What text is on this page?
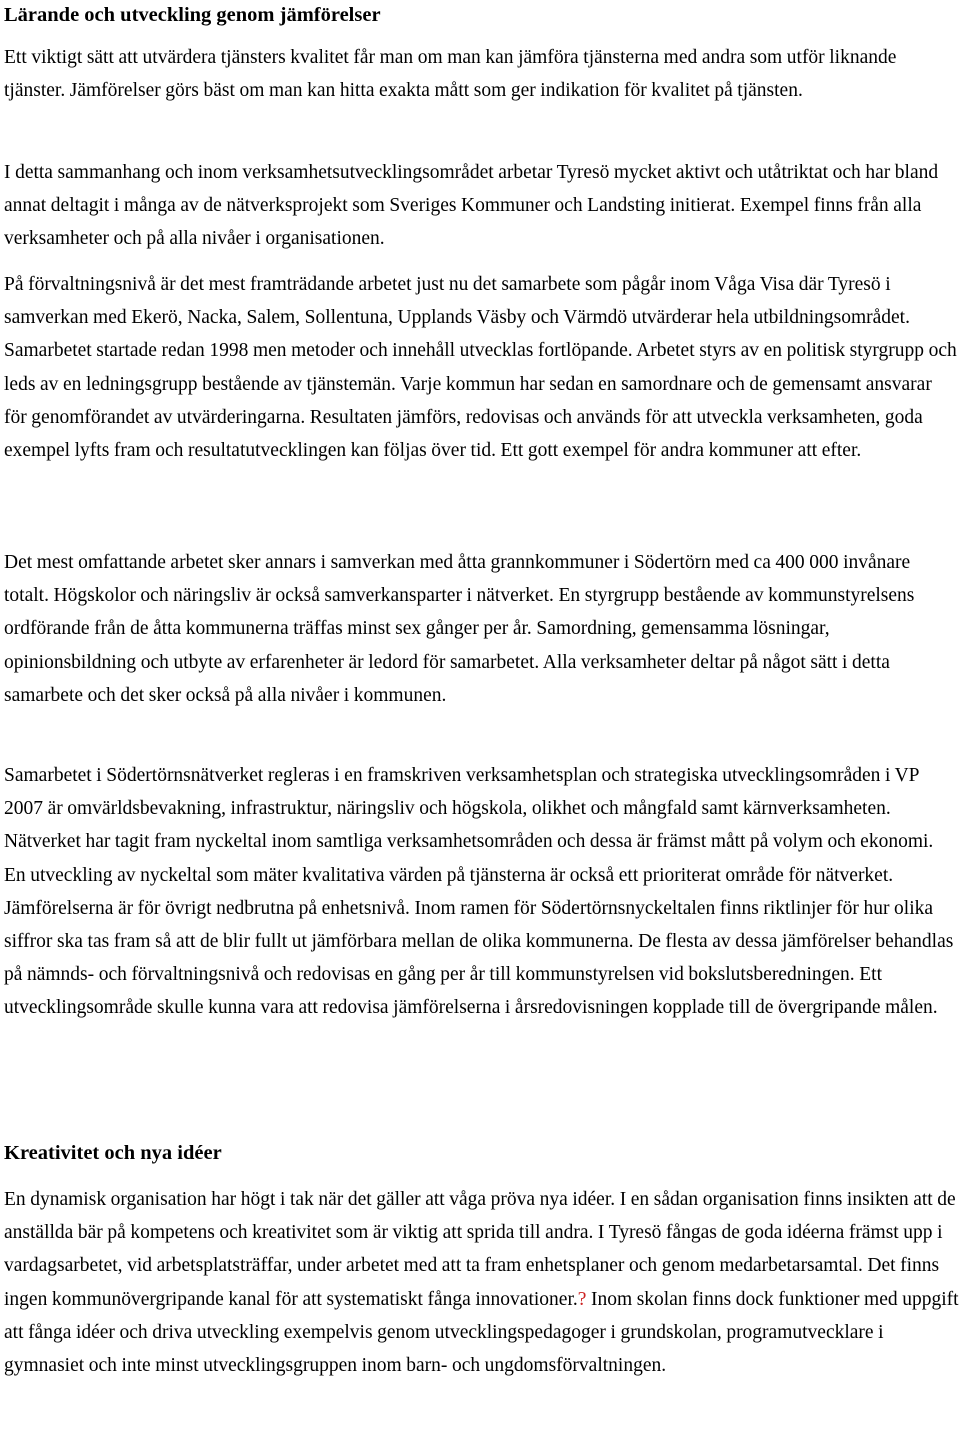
Lärande och utveckling genom jämförelser

Ett viktigt sätt att utvärdera tjänsters kvalitet får man om man kan jämföra tjänsterna med andra som utför liknande tjänster. Jämförelser görs bäst om man kan hitta exakta mått som ger indikation för kvalitet på tjänsten.

I detta sammanhang och inom verksamhetsutvecklingsområdet arbetar Tyresö mycket aktivt och utåtriktat och har bland annat deltagit i många av de nätverksprojekt som Sveriges Kommuner och Landsting initierat. Exempel finns från alla verksamheter och på alla nivåer i organisationen.

På förvaltningsnivå är det mest framträdande arbetet just nu det samarbete som pågår inom Våga Visa där Tyresö i samverkan med Ekerö, Nacka, Salem, Sollentuna, Upplands Väsby och Värmdö utvärderar hela utbildningsområdet. Samarbetet startade redan 1998 men metoder och innehåll utvecklas fortlöpande. Arbetet styrs av en politisk styrgrupp och leds av en ledningsgrupp bestående av tjänstemän. Varje kommun har sedan en samordnare och de gemensamt ansvarar för genomförandet av utvärderingarna. Resultaten jämförs, redovisas och används för att utveckla verksamheten, goda exempel lyfts fram och resultatutvecklingen kan följas över tid. Ett gott exempel för andra kommuner att efter.

Det mest omfattande arbetet sker annars i samverkan med åtta grannkommuner i Södertörn med ca 400 000 invånare totalt. Högskolor och näringsliv är också samverkansparter i nätverket. En styrgrupp bestående av kommunstyrelsens ordförande från de åtta kommunerna träffas minst sex gånger per år. Samordning, gemensamma lösningar, opinionsbildning och utbyte av erfarenheter är ledord för samarbetet. Alla verksamheter deltar på något sätt i detta samarbete och det sker också på alla nivåer i kommunen.

Samarbetet i Södertörnsnätverket regleras i en framskriven verksamhetsplan och strategiska utvecklingsområden i VP 2007 är omvärldsbevakning, infrastruktur, näringsliv och högskola, olikhet och mångfald samt kärnverksamheten. Nätverket har tagit fram nyckeltal inom samtliga verksamhetsområden och dessa är främst mått på volym och ekonomi. En utveckling av nyckeltal som mäter kvalitativa värden på tjänsterna är också ett prioriterat område för nätverket. Jämförelserna är för övrigt nedbrutna på enhetsnivå. Inom ramen för Södertörnsnyckeltalen finns riktlinjer för hur olika siffror ska tas fram så att de blir fullt ut jämförbara mellan de olika kommunerna. De flesta av dessa jämförelser behandlas på nämnds- och förvaltningsnivå och redovisas en gång per år till kommunstyrelsen vid bokslutsberedningen. Ett utvecklingsområde skulle kunna vara att redovisa jämförelserna i årsredovisningen kopplade till de övergripande målen.

Kreativitet och nya idéer

En dynamisk organisation har högt i tak när det gäller att våga pröva nya idéer. I en sådan organisation finns insikten att de anställda bär på kompetens och kreativitet som är viktig att sprida till andra. I Tyresö fångas de goda idéerna främst upp i vardagsarbetet, vid arbetsplatsträffar, under arbetet med att ta fram enhetsplaner och genom medarbetarsamtal. Det finns ingen kommunövergripande kanal för att systematiskt fånga innovationer.? Inom skolan finns dock funktioner med uppgift att fånga idéer och driva utveckling exempelvis genom utvecklingspedagoger i grundskolan, programutvecklare i gymnasiet och inte minst utvecklingsgruppen inom barn- och ungdomsförvaltningen.
